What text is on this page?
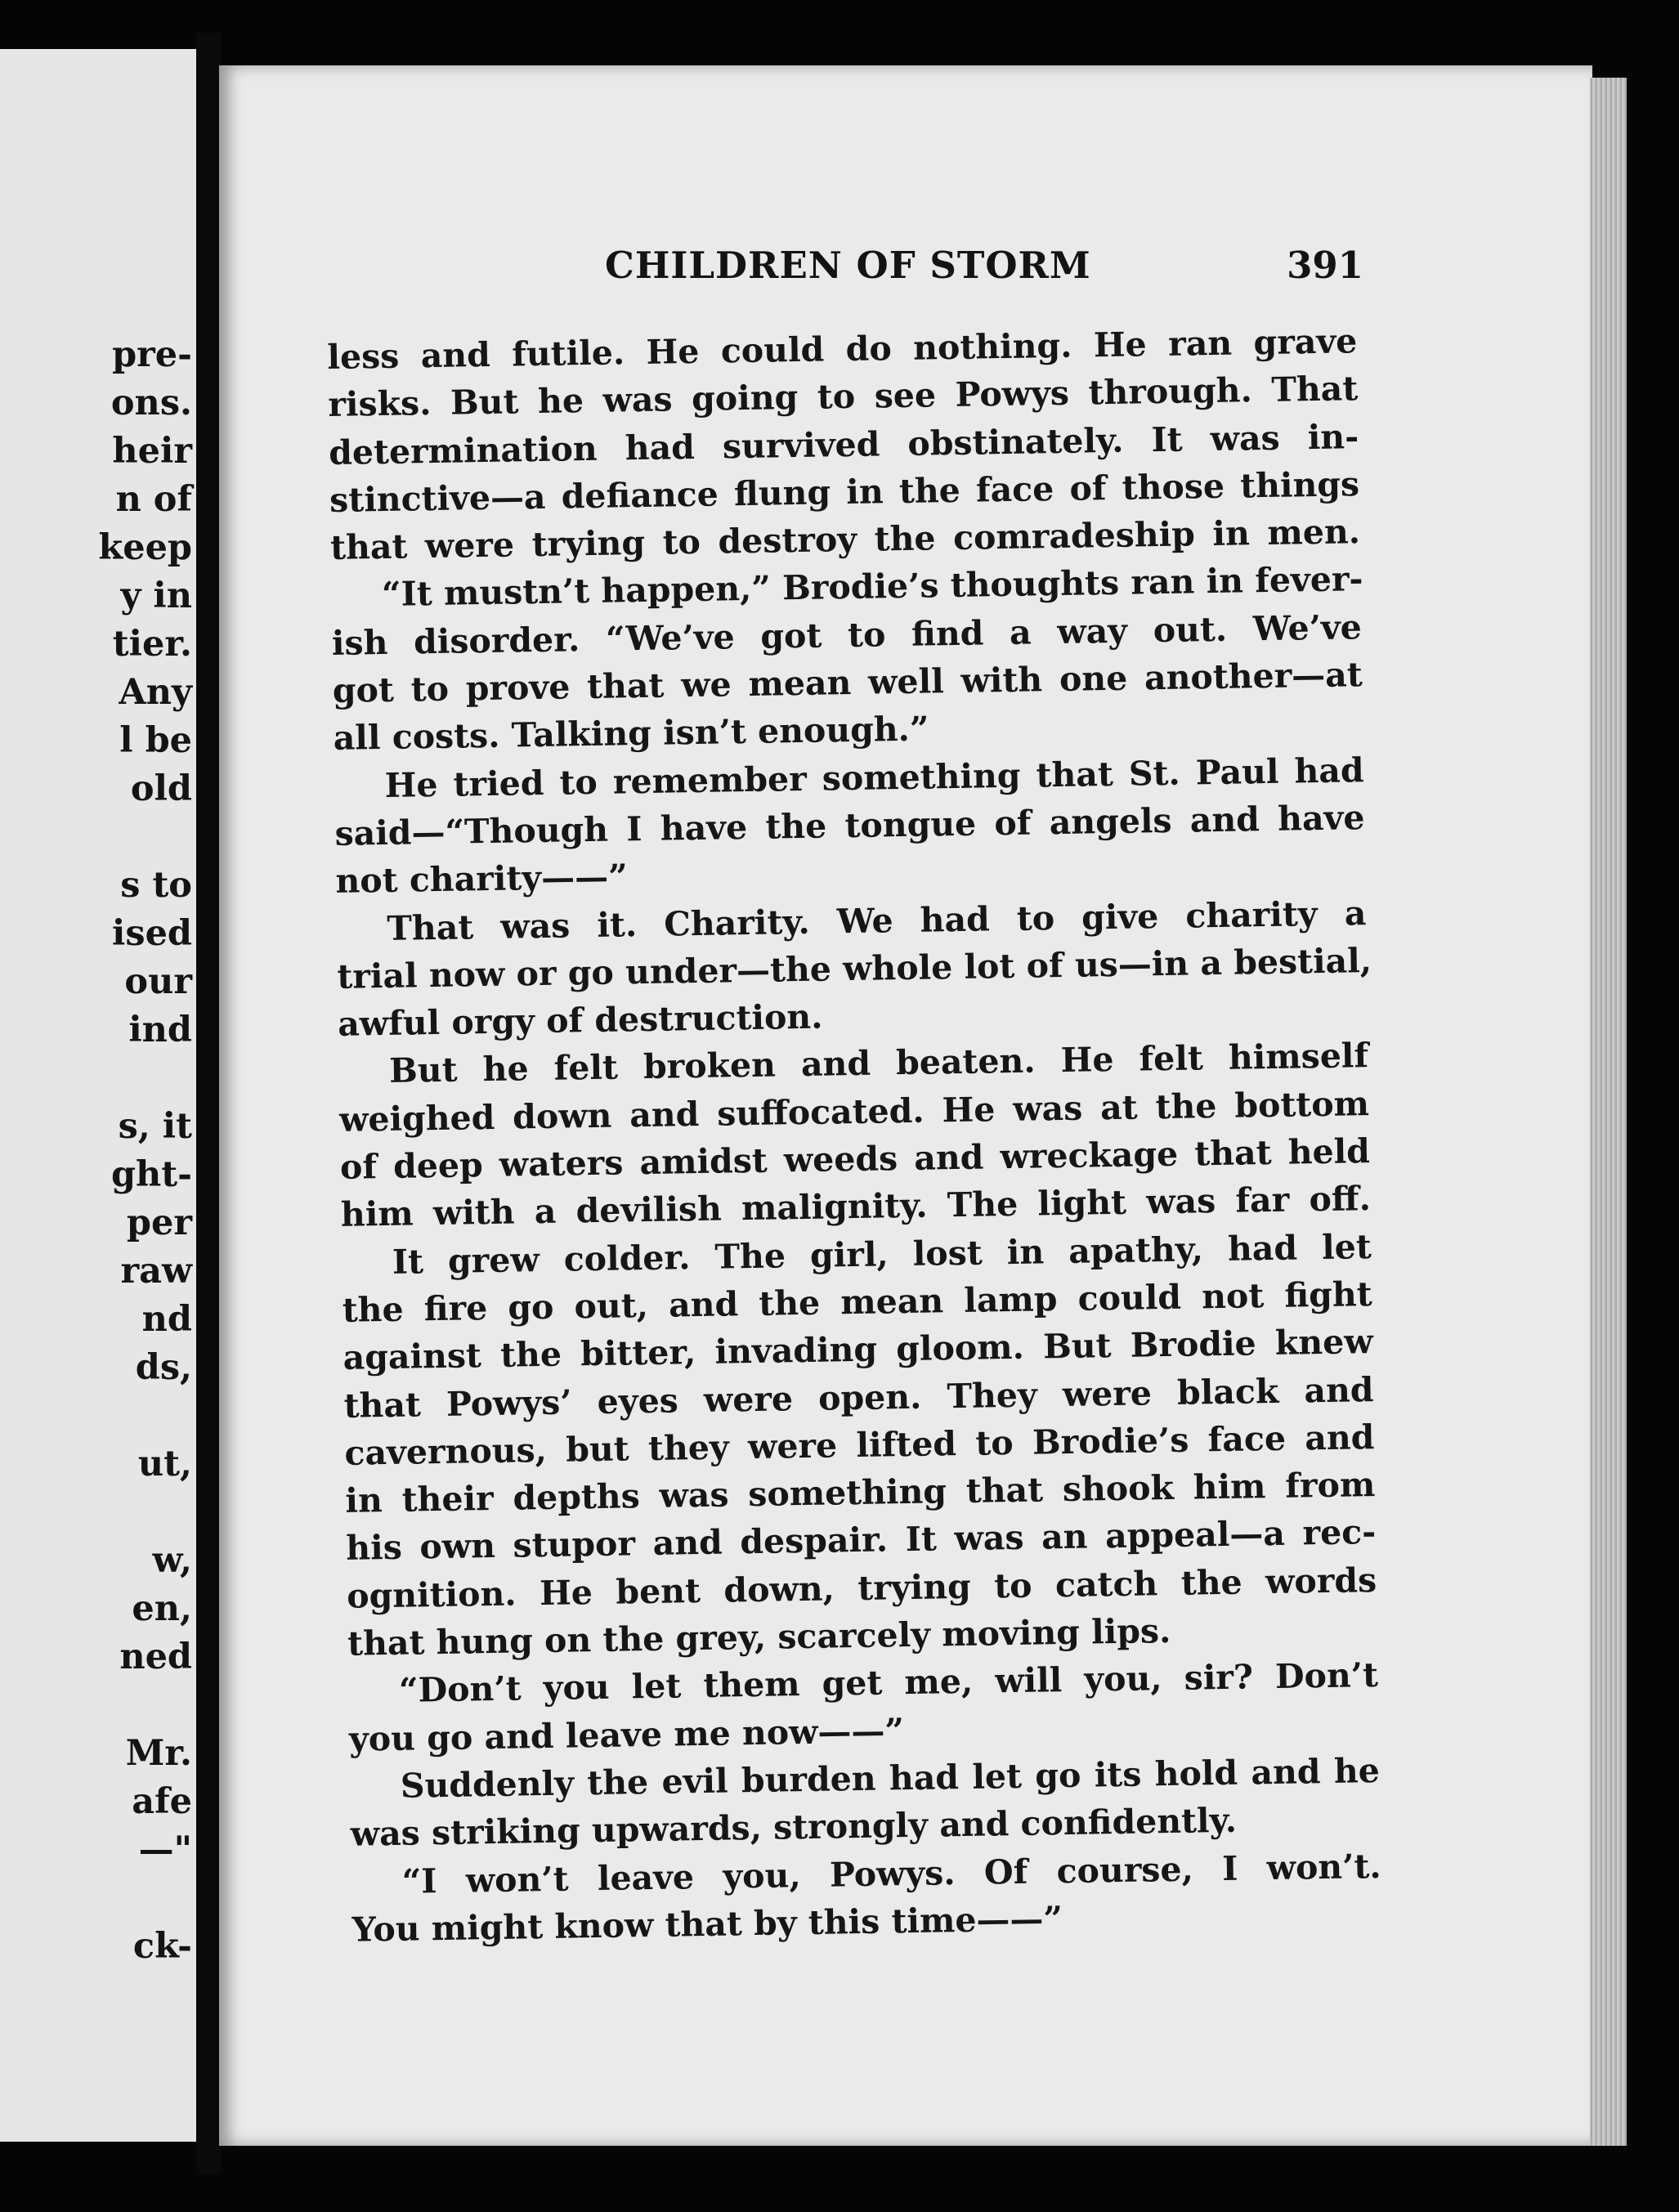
pre-
ons.
heir
n of
keep
y in
tier.
Any
l be
old
s to
ised
our
ind
s, it
ght-
per
raw
nd
ds,
ut,
w,
en,
ned
Mr.
afe
—"
ck-
CHILDREN OF STORM	391
less and futile. He could do nothing. He ran grave
risks. But he was going to see Powys through. That
determination had survived obstinately. It was in-
stinctive—a defiance flung in the face of those things
that were trying to destroy the comradeship in men.
“It mustn’t happen,” Brodie’s thoughts ran in fever-
ish disorder. “We’ve got to find a way out. We’ve
got to prove that we mean well with one another—at
all costs. Talking isn’t enough.”
He tried to remember something that St. Paul had
said—“Though I have the tongue of angels and have
not charity——”
That was it. Charity. We had to give charity a
trial now or go under—the whole lot of us—in a bestial,
awful orgy of destruction.
But he felt broken and beaten. He felt himself
weighed down and suffocated. He was at the bottom
of deep waters amidst weeds and wreckage that held
him with a devilish malignity. The light was far off.
It grew colder. The girl, lost in apathy, had let
the fire go out, and the mean lamp could not fight
against the bitter, invading gloom. But Brodie knew
that Powys’ eyes were open. They were black and
cavernous, but they were lifted to Brodie’s face and
in their depths was something that shook him from
his own stupor and despair. It was an appeal—a rec-
ognition. He bent down, trying to catch the words
that hung on the grey, scarcely moving lips.
“Don’t you let them get me, will you, sir? Don’t
you go and leave me now——”
Suddenly the evil burden had let go its hold and he
was striking upwards, strongly and confidently.
“I won’t leave you, Powys. Of course, I won’t.
You might know that by this time——”
